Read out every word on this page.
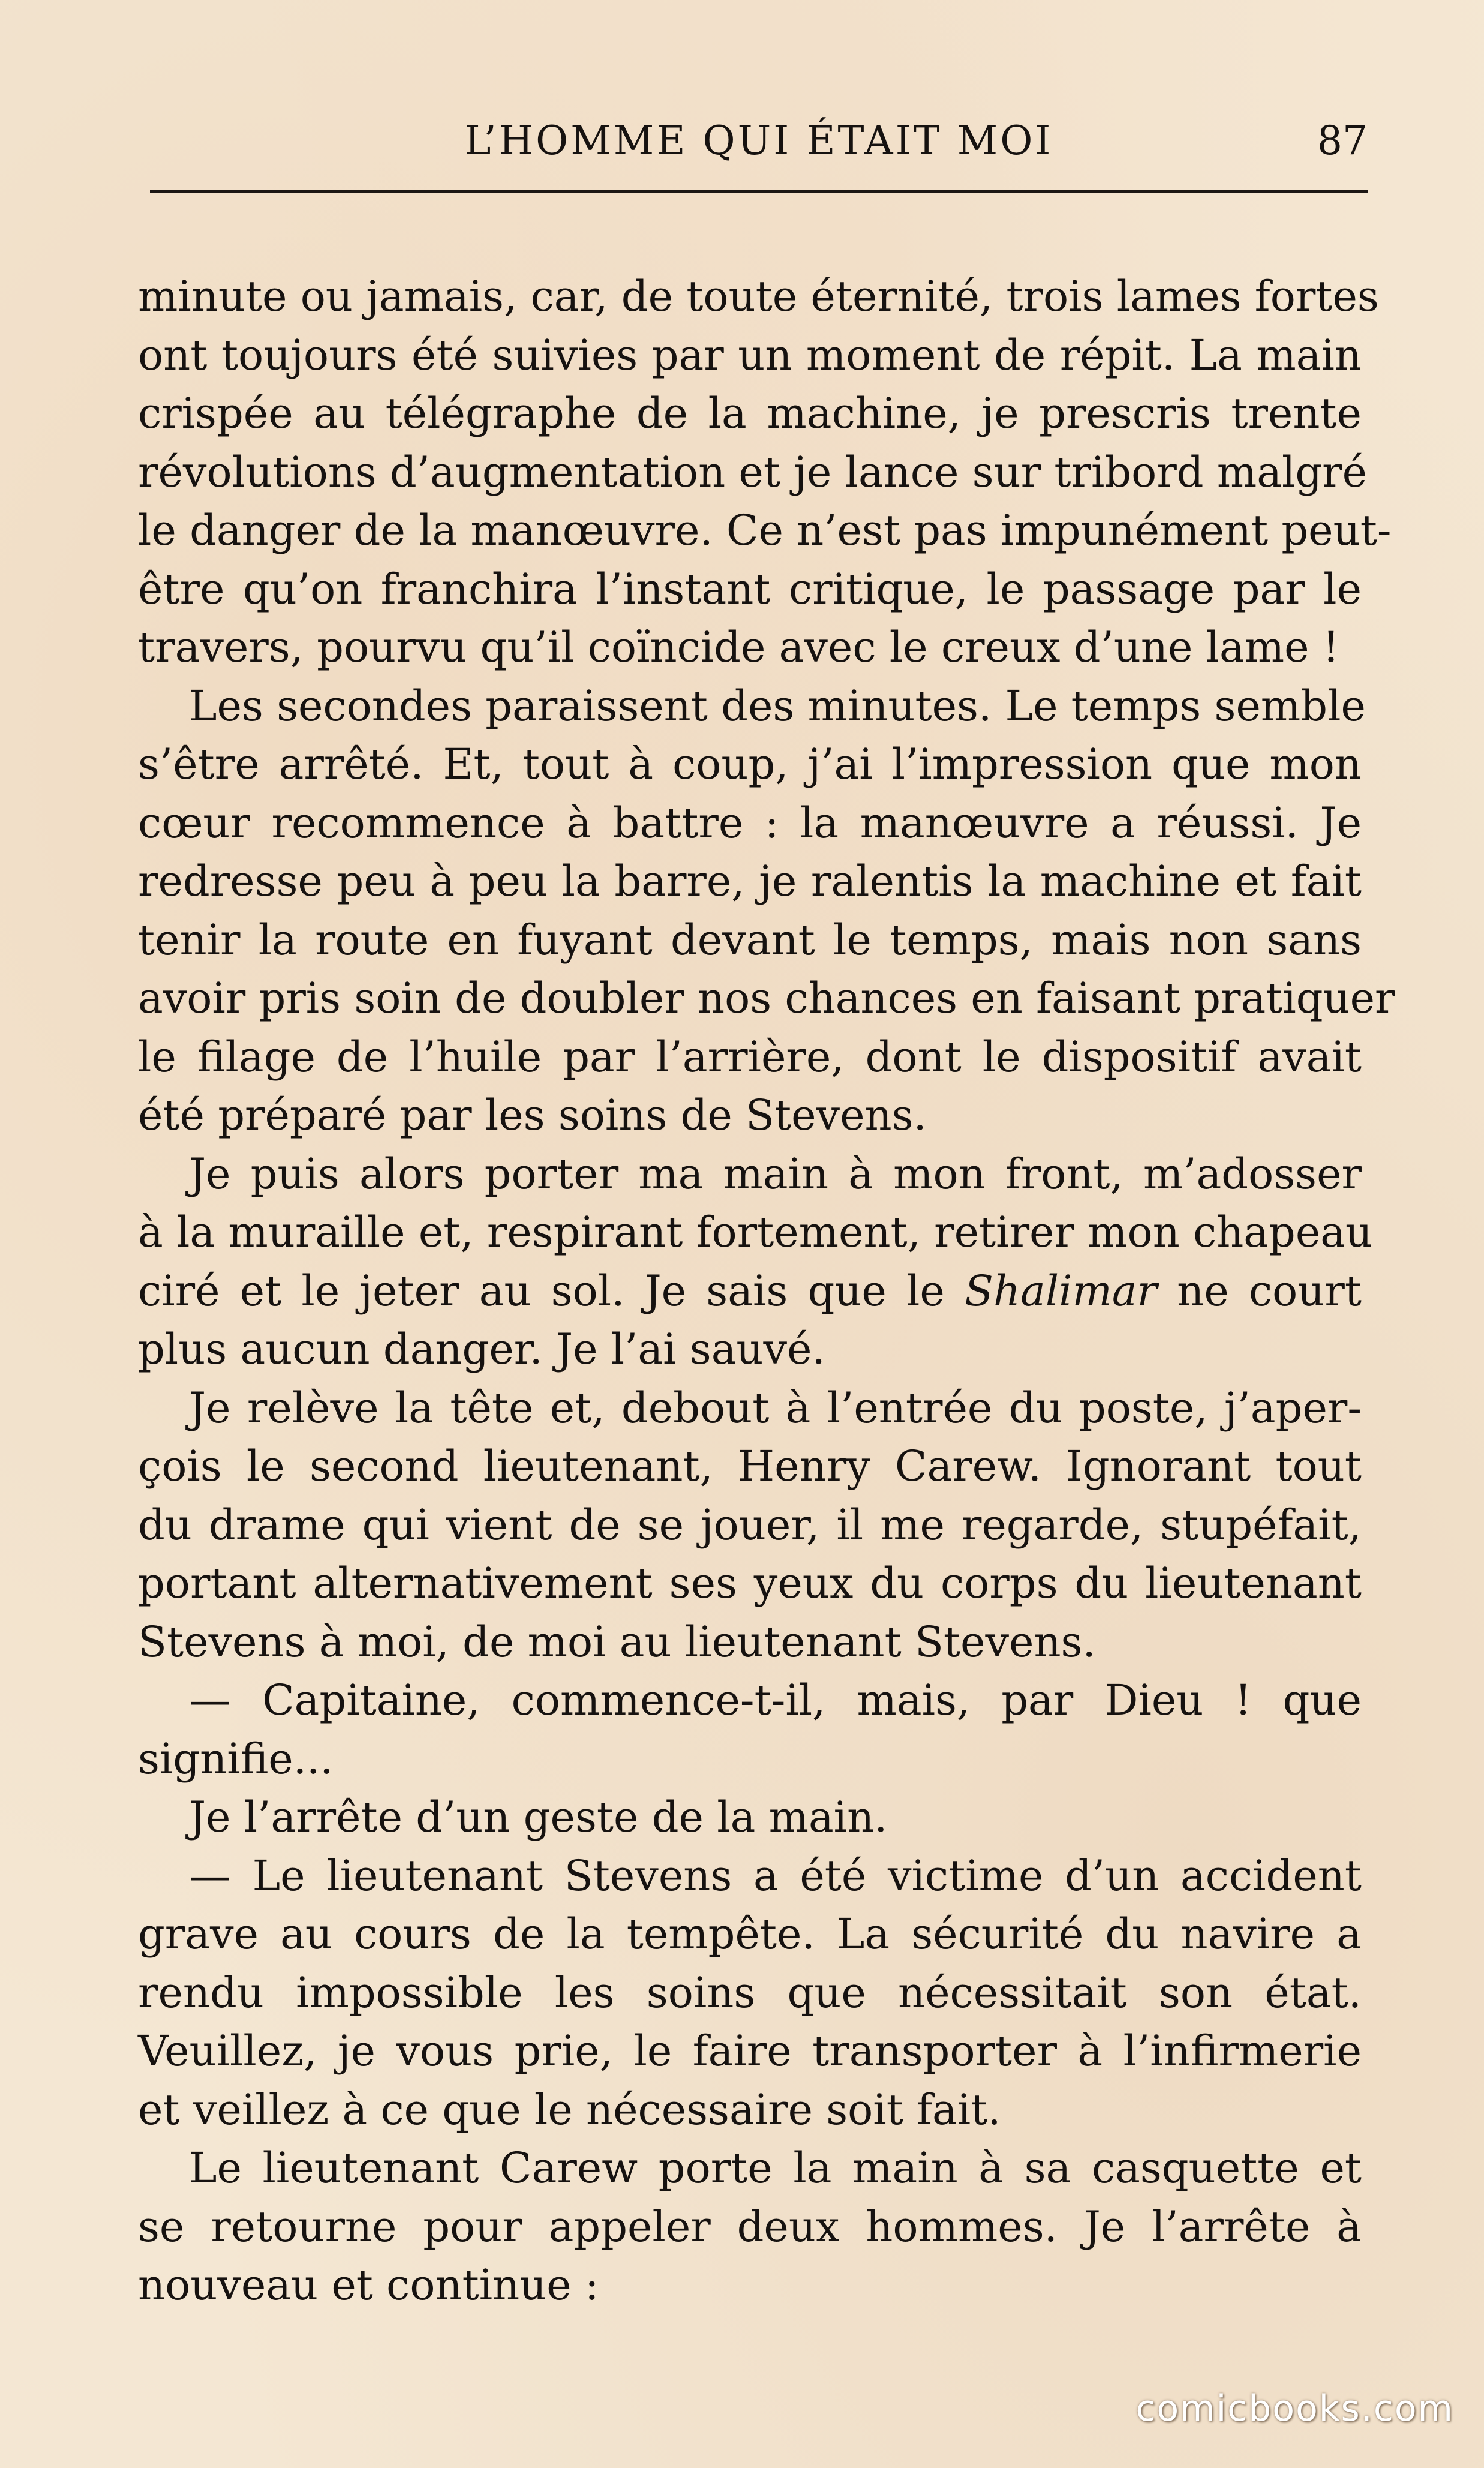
L’HOMME QUI ÉTAIT MOI	87
minute ou jamais, car, de toute éternité, trois lames fortes
ont toujours été suivies par un moment de répit. La main
crispée au télégraphe de la machine, je prescris trente
révolutions d’augmentation et je lance sur tribord malgré
le danger de la manœuvre. Ce n’est pas impunément peut-
être qu’on franchira l’instant critique, le passage par le
travers, pourvu qu’il coïncide avec le creux d’une lame !
Les secondes paraissent des minutes. Le temps semble
s’être arrêté. Et, tout à coup, j’ai l’impression que mon
cœur recommence à battre : la manœuvre a réussi. Je
redresse peu à peu la barre, je ralentis la machine et fait
tenir la route en fuyant devant le temps, mais non sans
avoir pris soin de doubler nos chances en faisant pratiquer
le filage de l’huile par l’arrière, dont le dispositif avait
été préparé par les soins de Stevens.
Je puis alors porter ma main à mon front, m’adosser
à la muraille et, respirant fortement, retirer mon chapeau
ciré et le jeter au sol. Je sais que le Shalimar ne court
plus aucun danger. Je l’ai sauvé.
Je relève la tête et, debout à l’entrée du poste, j’aper-
çois le second lieutenant, Henry Carew. Ignorant tout
du drame qui vient de se jouer, il me regarde, stupéfait,
portant alternativement ses yeux du corps du lieutenant
Stevens à moi, de moi au lieutenant Stevens.
— Capitaine, commence-t-il, mais, par Dieu ! que
signifie...
Je l’arrête d’un geste de la main.
— Le lieutenant Stevens a été victime d’un accident
grave au cours de la tempête. La sécurité du navire a
rendu impossible les soins que nécessitait son état.
Veuillez, je vous prie, le faire transporter à l’infirmerie
et veillez à ce que le nécessaire soit fait.
Le lieutenant Carew porte la main à sa casquette et
se retourne pour appeler deux hommes. Je l’arrête à
nouveau et continue :
comicbooks.com
